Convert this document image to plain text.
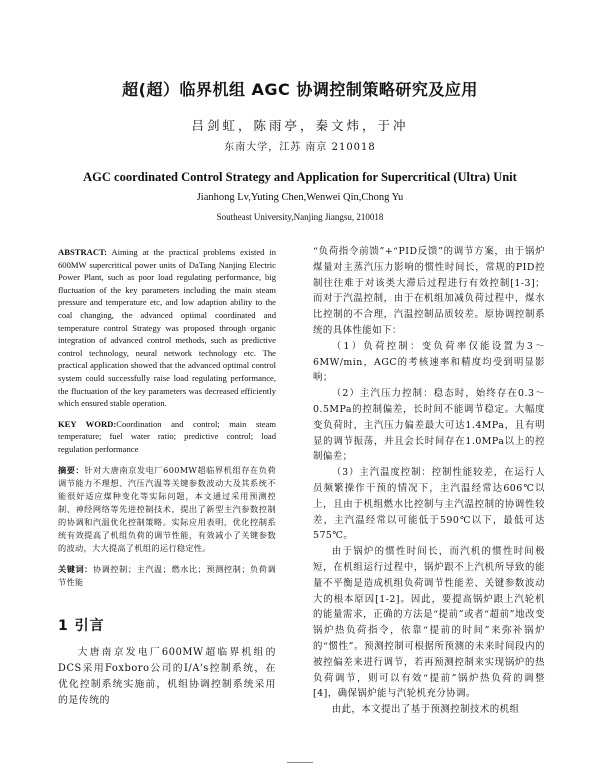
超(超）临界机组 AGC 协调控制策略研究及应用
吕剑虹，陈雨亭，秦文炜，于冲
东南大学，江苏 南京 210018
AGC coordinated Control Strategy and Application for Supercritical (Ultra) Unit
Jianhong Lv,Yuting Chen,Wenwei Qin,Chong Yu
Southeast University,Nanjing Jiangsu, 210018

ABSTRACT: Aiming at the practical problems existed in 600MW supercritical power units of DaTang Nanjing Electric Power Plant, such as poor load regulating performance, big fluctuation of the key parameters including the main steam pressure and temperature etc, and low adaption ability to the coal changing, the advanced optimal coordinated and temperature control Strategy was proposed through organic integration of advanced control methods, such as predictive control technology, neural network technology etc. The practical application showed that the advanced optimal control system could successfully raise load regulating performance, the fluctuation of the key parameters was decreased efficiently which ensured stable operation.

KEY WORD:Coordination and control; main steam temperature; fuel water ratio; predictive control; load regulation performance

摘要：针对大唐南京发电厂600MW超临界机组存在负荷调节能力不理想、汽压汽温等关键参数波动大及其系统不能很好适应煤种变化等实际问题，本文通过采用预测控制、神经网络等先进控制技术，提出了新型主汽参数控制的协调和汽温优化控制策略。实际应用表明，优化控制系统有效提高了机组负荷的调节性能，有效减小了关键参数的波动，大大提高了机组的运行稳定性。

关键词：协调控制；主汽温；燃水比；预测控制；负荷调节性能

1 引言

大唐南京发电厂600MW超临界机组的DCS采用Foxboro公司的I/A's控制系统，在优化控制系统实施前，机组协调控制系统采用的是传统的

“负荷指令前馈”+“PID反馈”的调节方案，由于锅炉煤量对主蒸汽压力影响的惯性时间长，常规的PID控制往往难于对该类大滞后过程进行有效控制[1-3]；而对于汽温控制，由于在机组加减负荷过程中，煤水比控制的不合理，汽温控制品质较差。原协调控制系统的具体性能如下：

（1）负荷控制：变负荷率仅能设置为3～6MW/min，AGC的考核速率和精度均受到明显影响；

（2）主汽压力控制：稳态时，始终存在0.3～0.5MPa的控制偏差，长时间不能调节稳定。大幅度变负荷时，主汽压力偏差最大可达1.4MPa，且有明显的调节振荡，并且会长时间存在1.0MPa以上的控制偏差；

（3）主汽温度控制：控制性能较差，在运行人员频繁操作干预的情况下，主汽温经常达606℃以上，且由于机组燃水比控制与主汽温控制的协调性较差，主汽温经常以可能低于590℃以下，最低可达575℃。

由于锅炉的惯性时间长，而汽机的惯性时间极短，在机组运行过程中，锅炉跟不上汽机所导致的能量不平衡是造成机组负荷调节性能差、关键参数波动大的根本原因[1-2]。因此，要提高锅炉跟上汽轮机的能量需求，正确的方法是“提前”或者“超前”地改变锅炉热负荷指令，依靠“提前的时间”来弥补锅炉的“惯性”。预测控制可根据所预测的未来时间段内的被控偏差来进行调节，若再预测控制来实现锅炉的热负荷调节，则可以有效“提前”锅炉热负荷的调整[4]，确保锅炉能与汽轮机充分协调。

由此，本文提出了基于预测控制技术的机组
